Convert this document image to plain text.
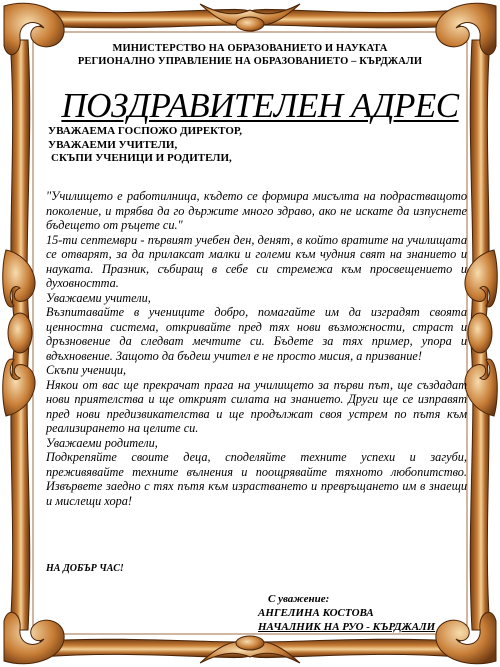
МИНИСТЕРСТВО НА ОБРАЗОВАНИЕТО И НАУКАТА
РЕГИОНАЛНО УПРАВЛЕНИЕ НА ОБРАЗОВАНИЕТО – КЪРДЖАЛИ
ПОЗДРАВИТЕЛЕН АДРЕС
УВАЖАЕМА ГОСПОЖО ДИРЕКТОР,
УВАЖАЕМИ УЧИТЕЛИ,
СКЪПИ УЧЕНИЦИ И РОДИТЕЛИ,

"Училището е работилница, където се формира мисълта на подрастващото поколение, и трябва да го държите много здраво, ако не искате да изпуснете бъдещето от ръцете си."

15-ти септември - първият учебен ден, денят, в който вратите на училищата се отварят, за да прилаксат малки и големи към чудния свят на знанието и науката. Празник, събиращ в себе си стремежа към просвещението и духовността.

Уважаеми учители,

Възпитавайте в учениците добро, помагайте им да изградят своята ценностна система, откривайте пред тях нови възможности, страст и дръзновение да следват мечтите си. Бъдете за тях пример, упора и вдъхновение. Защото да бъдеш учител е не просто мисия, а призвание!

Скъпи ученици,

Някои от вас ще прекрачат прага на училището за първи път, ще създадат нови приятелства и ще открият силата на знанието. Други ще се изправят пред нови предизвикателства и ще продължат своя устрем по пътя към реализирането на целите си.

Уважаеми родители,

Подкрепяйте своите деца, споделяйте техните успехи и загуби, преживявайте техните вълнения и поощрявайте тяхното любопитство. Извървете заедно с тях пътя към израстването и превръщането им в знаещи и мислещи хора!

НА ДОБЪР ЧАС!
С уважение:
АНГЕЛИНА КОСТОВА
НАЧАЛНИК НА РУО - КЪРДЖАЛИ
